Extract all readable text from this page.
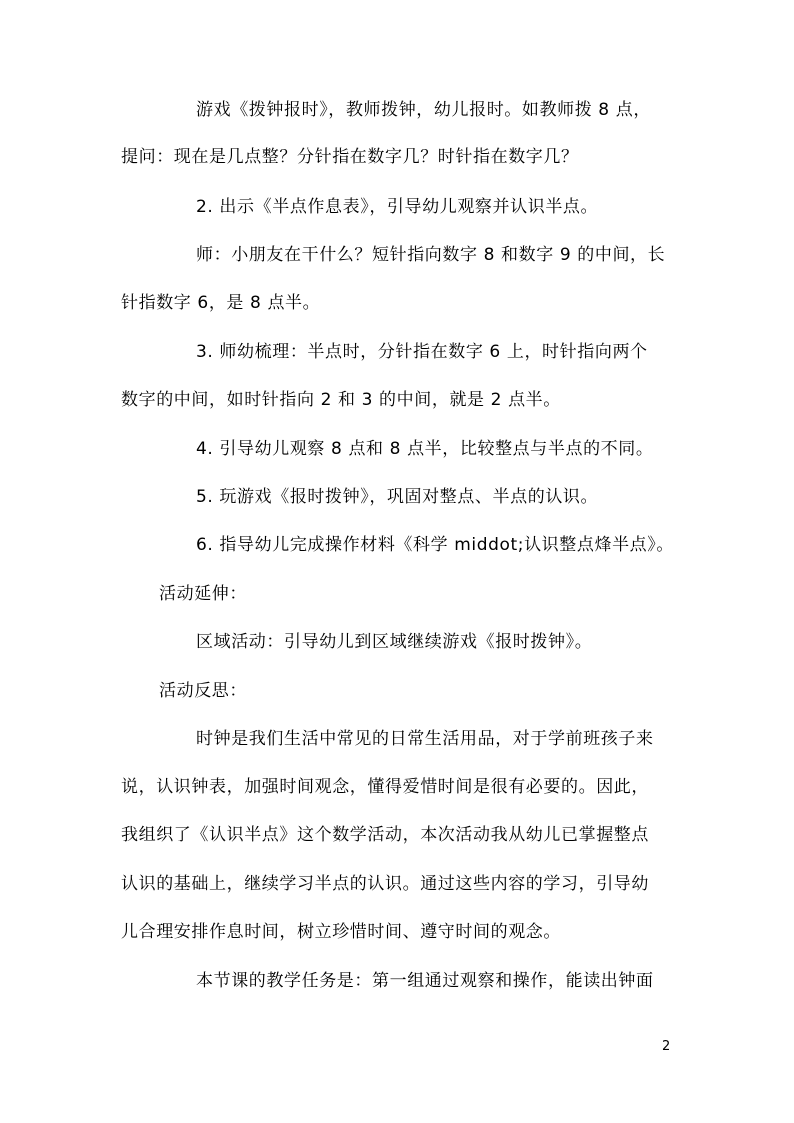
游戏《拨钟报时》，教师拨钟，幼儿报时。如教师拨 8 点，
提问：现在是几点整？分针指在数字几？时针指在数字几？
2. 出示《半点作息表》，引导幼儿观察并认识半点。
师：小朋友在干什么？短针指向数字 8 和数字 9 的中间，长
针指数字 6，是 8 点半。
3. 师幼梳理：半点时，分针指在数字 6 上，时针指向两个
数字的中间，如时针指向 2 和 3 的中间，就是 2 点半。
4. 引导幼儿观察 8 点和 8 点半，比较整点与半点的不同。
5. 玩游戏《报时拨钟》，巩固对整点、半点的认识。
6. 指导幼儿完成操作材料《科学 middot;认识整点烽半点》。
活动延伸：
区域活动：引导幼儿到区域继续游戏《报时拨钟》。
活动反思：
时钟是我们生活中常见的日常生活用品，对于学前班孩子来
说，认识钟表，加强时间观念，懂得爱惜时间是很有必要的。因此，
我组织了《认识半点》这个数学活动，本次活动我从幼儿已掌握整点
认识的基础上，继续学习半点的认识。通过这些内容的学习，引导幼
儿合理安排作息时间，树立珍惜时间、遵守时间的观念。
本节课的教学任务是：第一组通过观察和操作，能读出钟面
2
